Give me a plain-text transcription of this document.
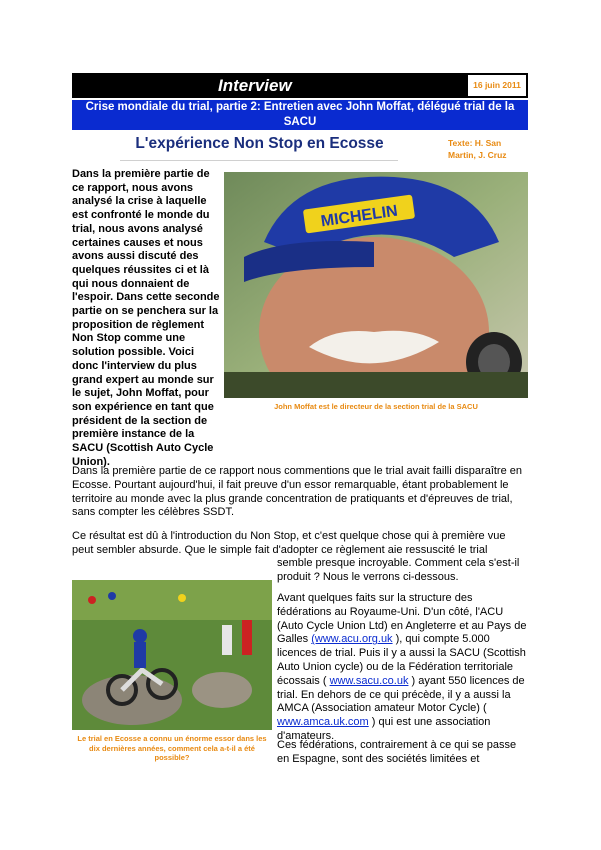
Interview	16 juin 2011
Crise mondiale du trial, partie 2: Entretien avec John Moffat, délégué trial de la SACU
L'expérience Non Stop en Ecosse	Texte: H. San Martin, J. Cruz

Dans la première partie de ce rapport, nous avons analysé la crise à laquelle est confronté le monde du trial, nous avons analysé certaines causes et nous avons aussi discuté des quelques réussites ci et là qui nous donnaient de l'espoir. Dans cette seconde partie on se penchera sur la proposition de règlement Non Stop comme une solution possible. Voici donc l'interview du plus grand expert au monde sur le sujet, John Moffat, pour son expérience en tant que président de la section de première instance de la SACU (Scottish Auto Cycle Union).

MICHELIN
John Moffat est le directeur de la section trial de la SACU

Dans la première partie de ce rapport nous commentions que le trial avait failli disparaître en Ecosse. Pourtant aujourd'hui, il fait preuve d'un essor remarquable, étant probablement le territoire au monde avec la plus grande concentration de pratiquants et d'épreuves de trial, sans compter les célèbres SSDT.

Ce résultat est dû à l'introduction du Non Stop, et c'est quelque chose qui à première vue peut sembler absurde. Que le simple fait d'adopter ce règlement aie ressuscité le trial

semble presque incroyable. Comment cela s'est-il produit ? Nous le verrons ci-dessous.

Le trial en Ecosse a connu un énorme essor dans les dix dernières années, comment cela a-t-il a été possible?

Avant quelques faits sur la structure des fédérations au Royaume-Uni. D'un côté, l'ACU (Auto Cycle Union Ltd) en Angleterre et au Pays de Galles (www.acu.org.uk ), qui compte 5.000 licences de trial. Puis il y a aussi la SACU (Scottish Auto Union cycle) ou de la Fédération territoriale écossais ( www.sacu.co.uk ) ayant 550 licences de trial. En dehors de ce qui précède, il y a aussi la AMCA (Association amateur Motor Cycle) ( www.amca.uk.com ) qui est une association d'amateurs.

Ces fédérations, contrairement à ce qui se passe en Espagne, sont des sociétés limitées et
